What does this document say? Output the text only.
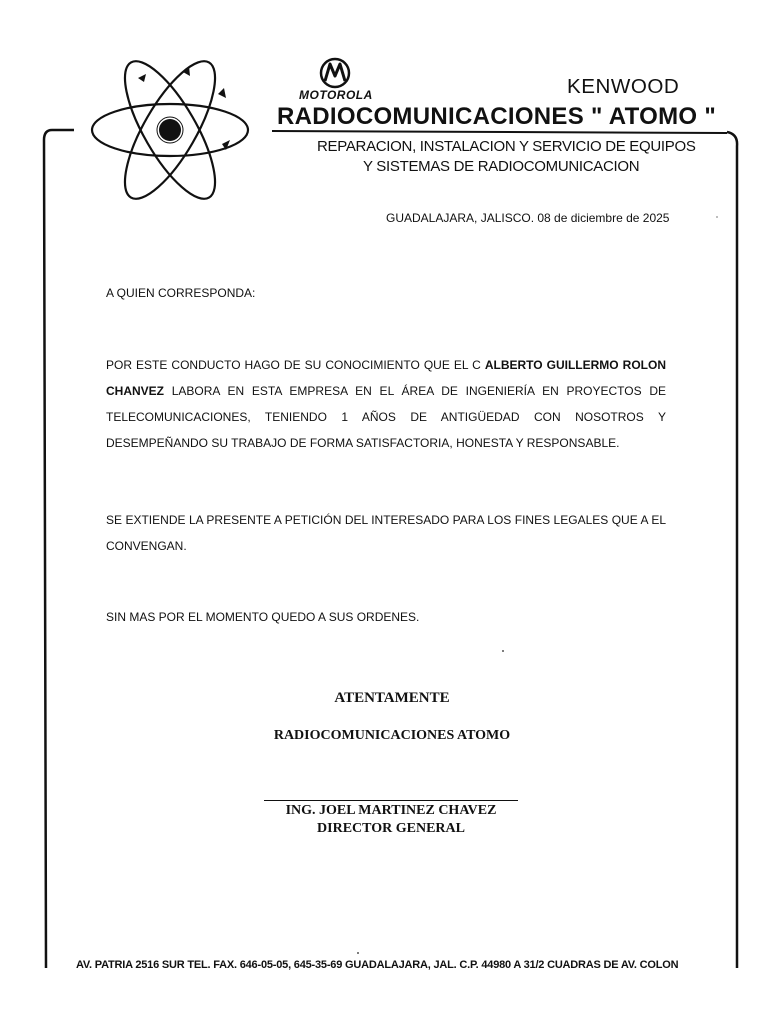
MOTOROLA	KENWOOD
RADIOCOMUNICACIONES " ATOMO "
REPARACION, INSTALACION Y SERVICIO DE EQUIPOS
Y SISTEMAS DE RADIOCOMUNICACION
GUADALAJARA, JALISCO. 08 de diciembre de 2025
A QUIEN CORRESPONDA:
POR ESTE CONDUCTO HAGO DE SU CONOCIMIENTO QUE EL C ALBERTO GUILLERMO ROLON CHANVEZ LABORA EN ESTA EMPRESA EN EL ÁREA DE INGENIERÍA EN PROYECTOS DE TELECOMUNICACIONES, TENIENDO 1 AÑOS DE ANTIGÜEDAD CON NOSOTROS Y DESEMPEÑANDO SU TRABAJO DE FORMA SATISFACTORIA, HONESTA Y RESPONSABLE.
SE EXTIENDE LA PRESENTE A PETICIÓN DEL INTERESADO PARA LOS FINES LEGALES QUE A EL CONVENGAN.
SIN MAS POR EL MOMENTO QUEDO A SUS ORDENES.
ATENTAMENTE
RADIOCOMUNICACIONES ATOMO
ING. JOEL MARTINEZ CHAVEZ
DIRECTOR GENERAL
AV. PATRIA 2516 SUR TEL. FAX. 646-05-05, 645-35-69 GUADALAJARA, JAL. C.P. 44980 A 31/2 CUADRAS DE AV. COLON
